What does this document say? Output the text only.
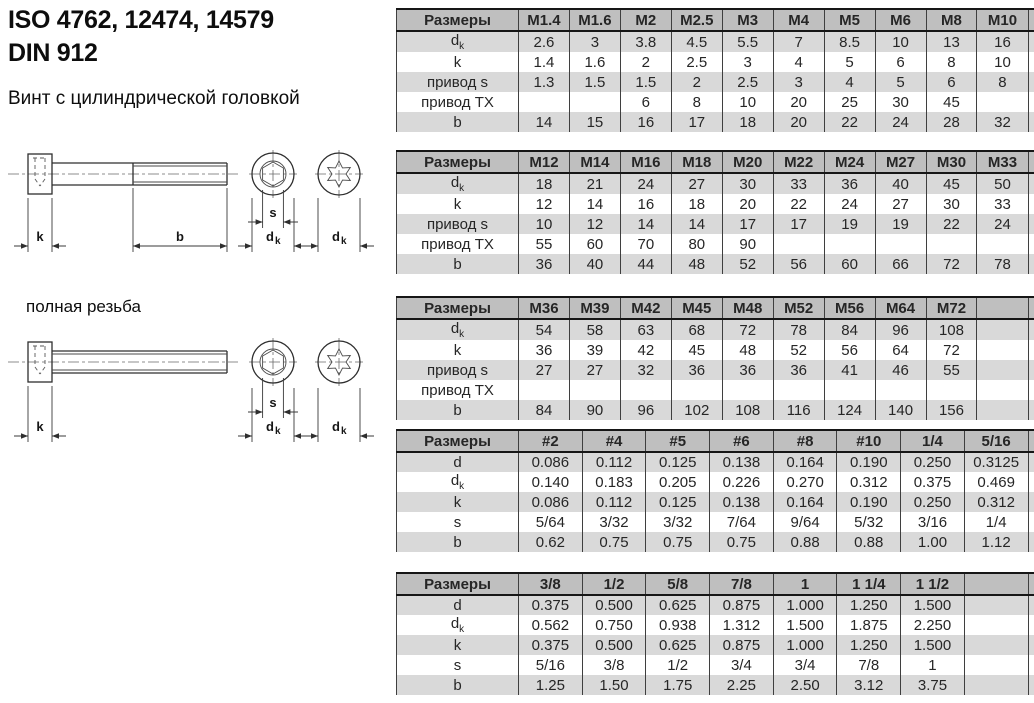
ISO 4762, 12474, 14579
DIN 912
Винт с цилиндрической головкой
полная резьба
k	b
s
d k	d k
k
s
d k	d k
Размеры	M1.4	M1.6	M2	M2.5	M3	M4	M5	M6	M8	M10	
$d_k$	2.6	3	3.8	4.5	5.5	7	8.5	10	13	16	
k	1.4	1.6	2	2.5	3	4	5	6	8	10	
привод s	1.3	1.5	1.5	2	2.5	3	4	5	6	8	
привод TX			6	8	10	20	25	30	45		
b	14	15	16	17	18	20	22	24	28	32	
Размеры	M12	M14	M16	M18	M20	M22	M24	M27	M30	M33	
$d_k$	18	21	24	27	30	33	36	40	45	50	
k	12	14	16	18	20	22	24	27	30	33	
привод s	10	12	14	14	17	17	19	19	22	24	
привод TX	55	60	70	80	90						
b	36	40	44	48	52	56	60	66	72	78	
Размеры	M36	M39	M42	M45	M48	M52	M56	M64	M72		
$d_k$	54	58	63	68	72	78	84	96	108		
k	36	39	42	45	48	52	56	64	72		
привод s	27	27	32	36	36	36	41	46	55		
привод TX											
b	84	90	96	102	108	116	124	140	156		
Размеры	#2	#4	#5	#6	#8	#10	1/4	5/16	
d	0.086	0.112	0.125	0.138	0.164	0.190	0.250	0.3125	
$d_k$	0.140	0.183	0.205	0.226	0.270	0.312	0.375	0.469	
k	0.086	0.112	0.125	0.138	0.164	0.190	0.250	0.312	
s	5/64	3/32	3/32	7/64	9/64	5/32	3/16	1/4	
b	0.62	0.75	0.75	0.75	0.88	0.88	1.00	1.12	
Размеры	3/8	1/2	5/8	7/8	1	1 1/4	1 1/2		
d	0.375	0.500	0.625	0.875	1.000	1.250	1.500		
$d_k$	0.562	0.750	0.938	1.312	1.500	1.875	2.250		
k	0.375	0.500	0.625	0.875	1.000	1.250	1.500		
s	5/16	3/8	1/2	3/4	3/4	7/8	1		
b	1.25	1.50	1.75	2.25	2.50	3.12	3.75		
